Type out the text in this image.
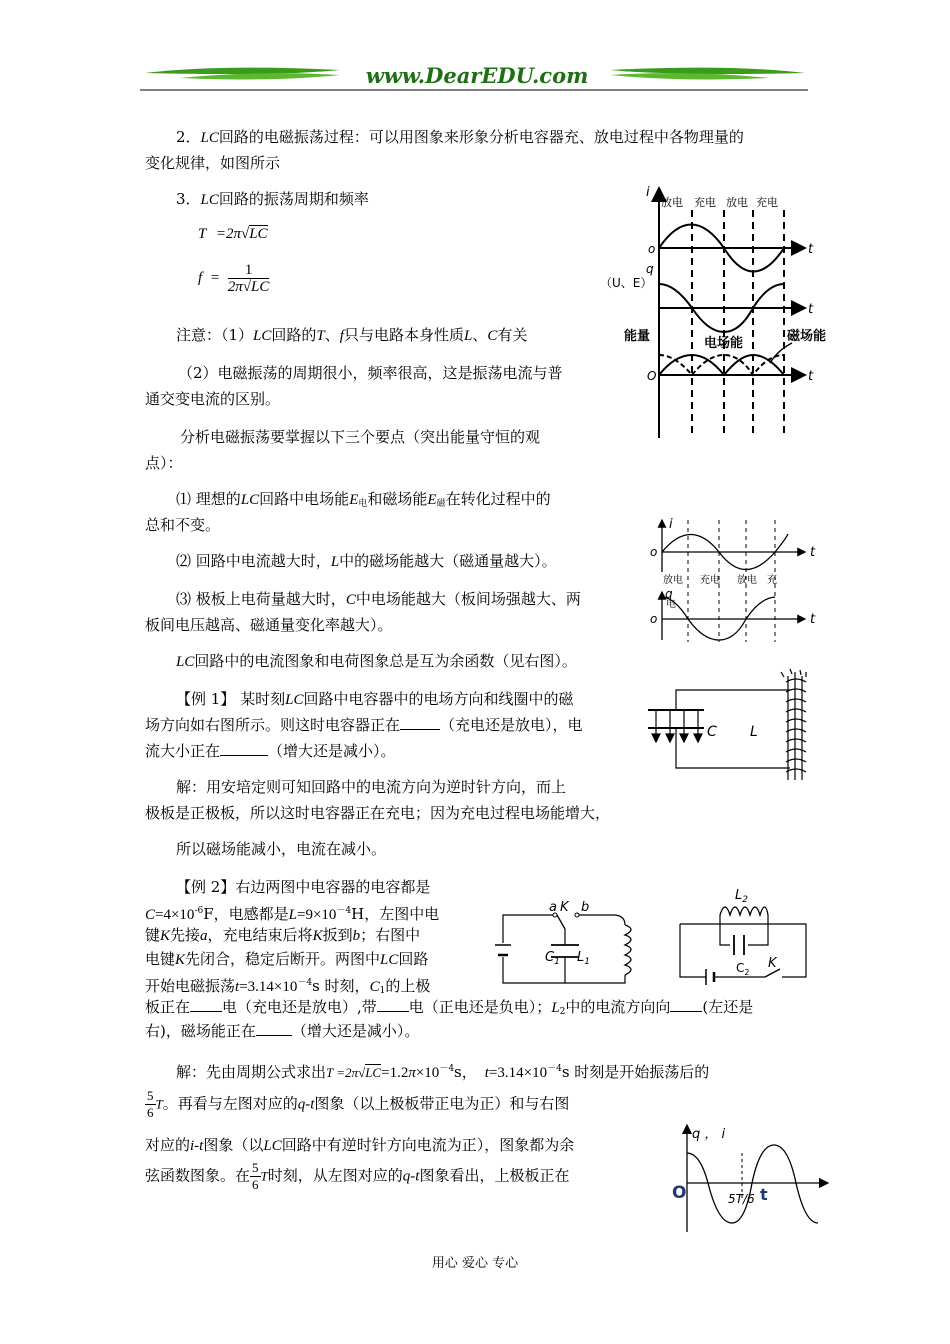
www.DearEDU.com
2．LC回路的电磁振荡过程：可以用图象来形象分析电容器充、放电过程中各物理量的
变化规律，如图所示
3．LC回路的振荡周期和频率
T =2π√LC
$f = \frac{1}{2\pi√LC}$
注意：（1）LC回路的T、f只与电路本身性质L、C有关
（2）电磁振荡的周期很小，频率很高，这是振荡电流与普
通交变电流的区别。
分析电磁振荡要掌握以下三个要点（突出能量守恒的观
点）：
⑴ 理想的LC回路中电场能$E_电$和磁场能$E_磁$在转化过程中的
总和不变。
⑵ 回路中电流越大时，L中的磁场能越大（磁通量越大）。
⑶ 极板上电荷量越大时，C中电场能越大（板间场强越大、两
板间电压越高、磁通量变化率越大）。
LC回路中的电流图象和电荷图象总是互为余函数（见右图）。
【例 1】 某时刻LC回路中电容器中的电场方向和线圈中的磁
场方向如右图所示。则这时电容器正在	（充电还是放电），电
流大小正在	（增大还是减小）。
解：用安培定则可知回路中的电流方向为逆时针方向，而上
极板是正极板，所以这时电容器正在充电；因为充电过程电场能增大，
所以磁场能减小，电流在减小。
【例 2】右边两图中电容器的电容都是
$C=4\times 10^{-6}F$，电感都是$L=9\times 10^{-4}H$，左图中电
键K先接a，充电结束后将K扳到b；右图中
电键K先闭合，稳定后断开。两图中LC回路
开始电磁振荡$t=3.14\times 10^{-4}s$ 时刻，$C_1$的上极
板正在 电（充电还是放电）,带 电（正电还是负电）；$L_2$中的电流方向向 (左还是
右)，磁场能正在 （增大还是减小）。
解：先由周期公式求出$T =2\pi√LC=1.2\pi\times 10^{-4}s$， $t=3.14\times 10^{-4}s$ 时刻是开始振荡后的
$\frac{5}{6}$ T。再看与左图对应的q-t图象（以上极板带正电为正）和与右图
对应的i-t图象（以LC回路中有逆时针方向电流为正），图象都为余
弦函数图象。在 $\frac{5}{6}$ T时刻，从左图对应的q-t图象看出，上极板正在
i
放电 充电 放电 充电
o	t
q
（U、E）
t
能量	电场能	磁场能
O	t
i
o	t
放电 充电 放电 充
电
q
o	t
C L
a K b
$C_1$ $L_1$
$L_2$
$C_2$
K
q ， i
O	5T/6 t
用心 爱心 专心
